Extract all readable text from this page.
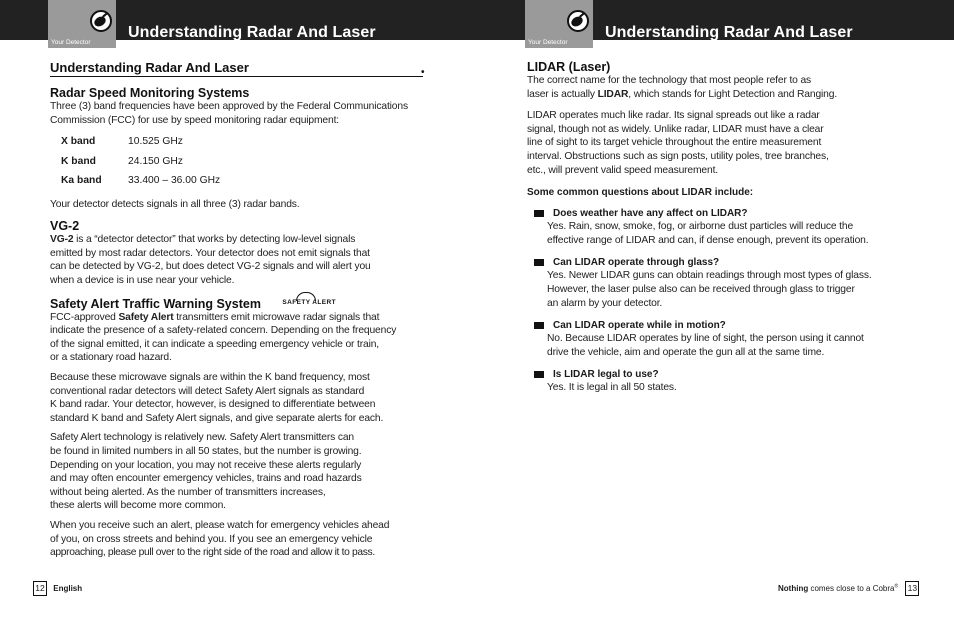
Your Detector
Understanding Radar And Laser
Understanding Radar And Laser
Radar Speed Monitoring Systems

Three (3) band frequencies have been approved by the Federal Communications
Commission (FCC) for use by speed monitoring radar equipment:

X band	10.525 GHz
K band	24.150 GHz
Ka band	33.400 – 36.00 GHz

Your detector detects signals in all three (3) radar bands.

VG-2

VG-2 is a “detector detector” that works by detecting low-level signals
emitted by most radar detectors. Your detector does not emit signals that
can be detected by VG-2, but does detect VG-2 signals and will alert you
when a device is in use near your vehicle.

Safety Alert Traffic Warning System	SAFETY ALERT

FCC-approved Safety Alert transmitters emit microwave radar signals that
indicate the presence of a safety-related concern. Depending on the frequency
of the signal emitted, it can indicate a speeding emergency vehicle or train,
or a stationary road hazard.

Because these microwave signals are within the K band frequency, most
conventional radar detectors will detect Safety Alert signals as standard
K band radar. Your detector, however, is designed to differentiate between
standard K band and Safety Alert signals, and give separate alerts for each.

Safety Alert technology is relatively new. Safety Alert transmitters can
be found in limited numbers in all 50 states, but the number is growing.
Depending on your location, you may not receive these alerts regularly
and may often encounter emergency vehicles, trains and road hazards
without being alerted. As the number of transmitters increases,
these alerts will become more common.

When you receive such an alert, please watch for emergency vehicles ahead
of you, on cross streets and behind you. If you see an emergency vehicle
approaching, please pull over to the right side of the road and allow it to pass.

•
12 English
Your Detector
Understanding Radar And Laser
LIDAR (Laser)

The correct name for the technology that most people refer to as
laser is actually LIDAR, which stands for Light Detection and Ranging.

LIDAR operates much like radar. Its signal spreads out like a radar
signal, though not as widely. Unlike radar, LIDAR must have a clear
line of sight to its target vehicle throughout the entire measurement
interval. Obstructions such as sign posts, utility poles, tree branches,
etc., will prevent valid speed measurement.

Some common questions about LIDAR include:
Does weather have any affect on LIDAR?

Yes. Rain, snow, smoke, fog, or airborne dust particles will reduce the
effective range of LIDAR and can, if dense enough, prevent its operation.

Can LIDAR operate through glass?

Yes. Newer LIDAR guns can obtain readings through most types of glass.
However, the laser pulse also can be received through glass to trigger
an alarm by your detector.

Can LIDAR operate while in motion?

No. Because LIDAR operates by line of sight, the person using it cannot
drive the vehicle, aim and operate the gun all at the same time.

Is LIDAR legal to use?

Yes. It is legal in all 50 states.

Nothing comes close to a Cobra® 13
